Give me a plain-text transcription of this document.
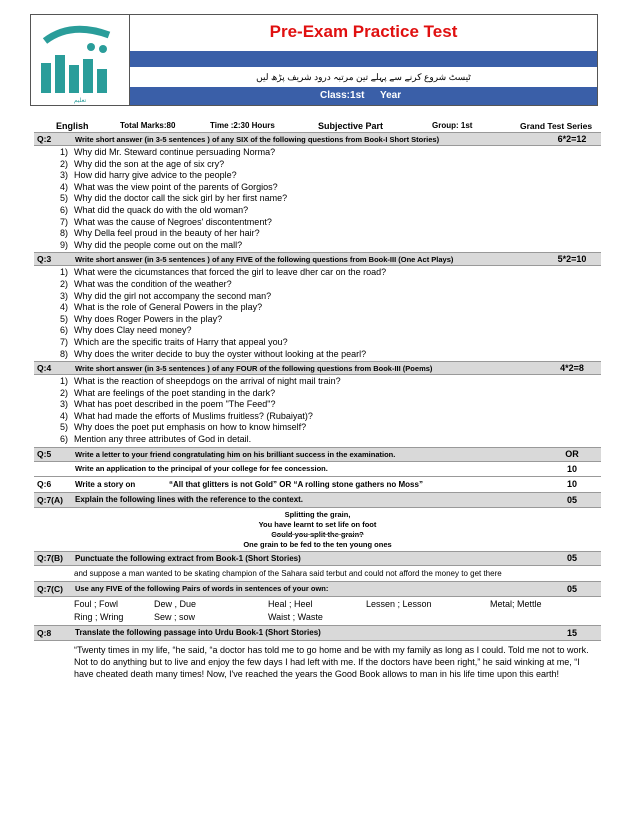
تعلیم
Pre-Exam Practice Test
ٹیسٹ شروع کرنے سے پہلے تین مرتبہ درود شریف پڑھ لیں
Class:1st Year
English	Total Marks:80	Time :2:30 Hours	Subjective Part	Group: 1st	Grand Test Series
Q:2	Write short answer (in 3-5 sentences ) of any SIX of the following questions from Book-I Short Stories)	6*2=12
1) Why did Mr. Steward continue persuading Norma?
2) Why did the son at the age of six cry?
3) How did harry give advice to the people?
4) What was the view point of the parents of Gorgios?
5) Why did the doctor call the sick girl by her first name?
6) What did the quack do with the old woman?
7) What was the cause of Negroes' discontentment?
8) Why Della feel proud in the beauty of her hair?
9) Why did the people come out on the mall?
Q:3	Write short answer (in 3-5 sentences ) of any FIVE of the following questions from Book-III (One Act Plays)	5*2=10
1) What were the cicumstances that forced the girl to leave dher car on the road?
2) What was the condition of the weather?
3) Why did the girl not accompany the second man?
4) What is the role of General Powers in the play?
5) Why does Roger Powers in the play?
6) Why does Clay need money?
7) Which are the specific traits of Harry that appeal you?
8) Why does the writer decide to buy the oyster without looking at the pearl?
Q:4	Write short answer (in 3-5 sentences ) of any FOUR of the following questions from Book-III (Poems)	4*2=8
1) What is the reaction of sheepdogs on the arrival of night mail train?
2) What are feelings of the poet standing in the dark?
3) What has poet described in the poem "The Feed"?
4) What had made the efforts of Muslims fruitless? (Rubaiyat)?
5) Why does the poet put emphasis on how to know himself?
6) Mention any three attributes of God in detail.
Q:5	Write a letter to your friend congratulating him on his brilliant success in the examination.	OR
Write an application to the principal of your college for fee concession.	10
Q:6	Write a story on	“All that glitters is not Gold” OR “A rolling stone gathers no Moss”	10
Q:7(A)	Explain the following lines with the reference to the context.	05
Splitting the grain,
You have learnt to set life on foot
Could you split the grain?
One grain to be fed to the ten young ones
Q:7(B)	Punctuate the following extract from Book-1 (Short Stories)	05
and suppose a man wanted to be skating champion of the Sahara said terbut and could not afford the money to get there
Q:7(C)	Use any FIVE of the following Pairs of words in sentences of your own:	05
Foul ; Fowl	Dew , Due	Heal ; Heel	Lessen ; Lesson	Metal; Mettle
Ring ; Wring	Sew ; sow	Waist ; Waste
Q:8	Translate the following passage into Urdu Book-1 (Short Stories)	15
“Twenty times in my life, “he said, “a doctor has told me to go home and be with my family as long as I could. Told me not to work. Not to do anything but to live and enjoy the few days I had left with me. If the doctors have been right,” he said winking at me, “I have cheated death many times! Now, I've reached the years the Good Book allows to man in his life time upon this earth!
